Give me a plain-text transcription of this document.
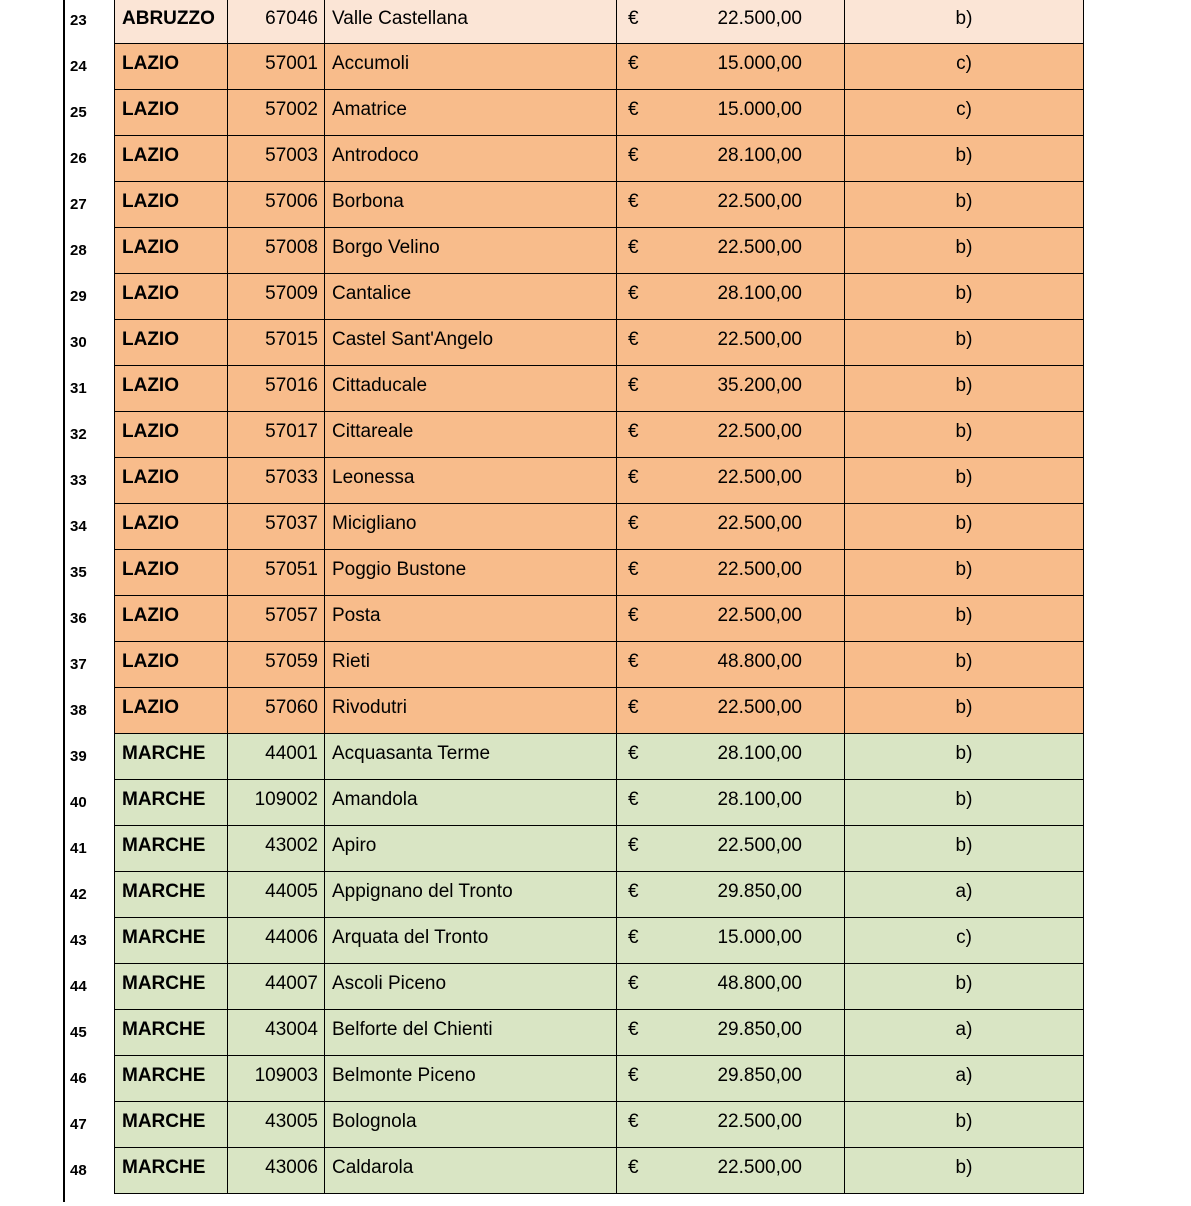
23	ABRUZZO	67046 Valle Castellana	€	22.500,00	b)
24	LAZIO	57001 Accumoli	€	15.000,00	c)
25	LAZIO	57002 Amatrice	€	15.000,00	c)
26	LAZIO	57003 Antrodoco	€	28.100,00	b)
27	LAZIO	57006 Borbona	€	22.500,00	b)
28	LAZIO	57008 Borgo Velino	€	22.500,00	b)
29	LAZIO	57009 Cantalice	€	28.100,00	b)
30	LAZIO	57015 Castel Sant'Angelo	€	22.500,00	b)
31	LAZIO	57016 Cittaducale	€	35.200,00	b)
32	LAZIO	57017 Cittareale	€	22.500,00	b)
33	LAZIO	57033 Leonessa	€	22.500,00	b)
34	LAZIO	57037 Micigliano	€	22.500,00	b)
35	LAZIO	57051 Poggio Bustone	€	22.500,00	b)
36	LAZIO	57057 Posta	€	22.500,00	b)
37	LAZIO	57059 Rieti	€	48.800,00	b)
38	LAZIO	57060 Rivodutri	€	22.500,00	b)
39	MARCHE	44001 Acquasanta Terme	€	28.100,00	b)
40	MARCHE	109002 Amandola	€	28.100,00	b)
41	MARCHE	43002 Apiro	€	22.500,00	b)
42	MARCHE	44005 Appignano del Tronto	€	29.850,00	a)
43	MARCHE	44006 Arquata del Tronto	€	15.000,00	c)
44	MARCHE	44007 Ascoli Piceno	€	48.800,00	b)
45	MARCHE	43004 Belforte del Chienti	€	29.850,00	a)
46	MARCHE	109003 Belmonte Piceno	€	29.850,00	a)
47	MARCHE	43005 Bolognola	€	22.500,00	b)
48	MARCHE	43006 Caldarola	€	22.500,00	b)
